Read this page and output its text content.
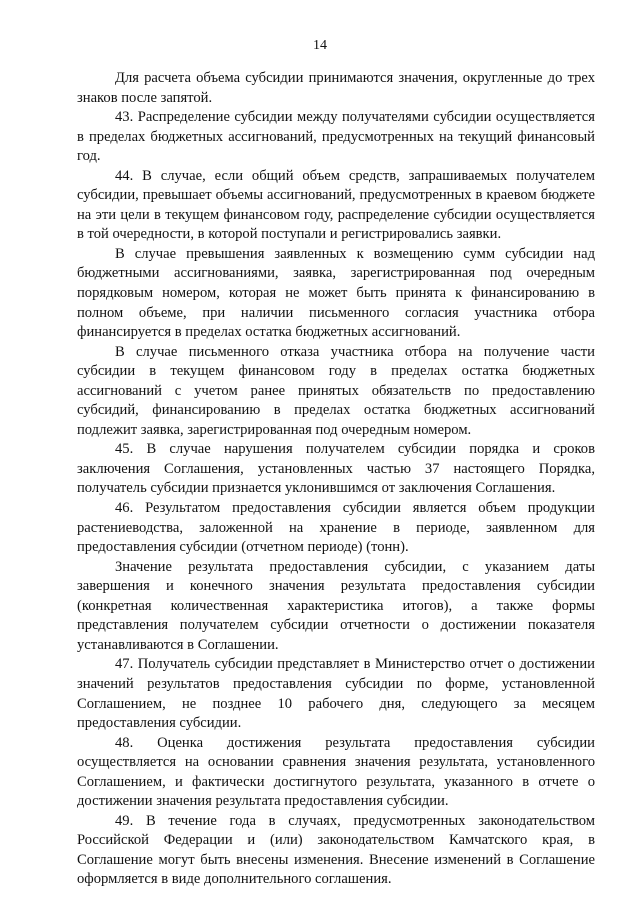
14

Для расчета объема субсидии принимаются значения, округленные до трех знаков после запятой.

43. Распределение субсидии между получателями субсидии осуществляется в пределах бюджетных ассигнований, предусмотренных на текущий финансовый год.

44. В случае, если общий объем средств, запрашиваемых получателем субсидии, превышает объемы ассигнований, предусмотренных в краевом бюджете на эти цели в текущем финансовом году, распределение субсидии осуществляется в той очередности, в которой поступали и регистрировались заявки.

В случае превышения заявленных к возмещению сумм субсидии над бюджетными ассигнованиями, заявка, зарегистрированная под очередным порядковым номером, которая не может быть принята к финансированию в полном объеме, при наличии письменного согласия участника отбора финансируется в пределах остатка бюджетных ассигнований.

В случае письменного отказа участника отбора на получение части субсидии в текущем финансовом году в пределах остатка бюджетных ассигнований с учетом ранее принятых обязательств по предоставлению субсидий, финансированию в пределах остатка бюджетных ассигнований подлежит заявка, зарегистрированная под очередным номером.

45. В случае нарушения получателем субсидии порядка и сроков заключения Соглашения, установленных частью 37 настоящего Порядка, получатель субсидии признается уклонившимся от заключения Соглашения.

46. Результатом предоставления субсидии является объем продукции растениеводства, заложенной на хранение в периоде, заявленном для предоставления субсидии (отчетном периоде) (тонн).

Значение результата предоставления субсидии, с указанием даты завершения и конечного значения результата предоставления субсидии (конкретная количественная характеристика итогов), а также формы представления получателем субсидии отчетности о достижении показателя устанавливаются в Соглашении.

47. Получатель субсидии представляет в Министерство отчет о достижении значений результатов предоставления субсидии по форме, установленной Соглашением, не позднее 10 рабочего дня, следующего за месяцем предоставления субсидии.

48. Оценка достижения результата предоставления субсидии осуществляется на основании сравнения значения результата, установленного Соглашением, и фактически достигнутого результата, указанного в отчете о достижении значения результата предоставления субсидии.

49. В течение года в случаях, предусмотренных законодательством Российской Федерации и (или) законодательством Камчатского края, в Соглашение могут быть внесены изменения. Внесение изменений в Соглашение оформляется в виде дополнительного соглашения.
